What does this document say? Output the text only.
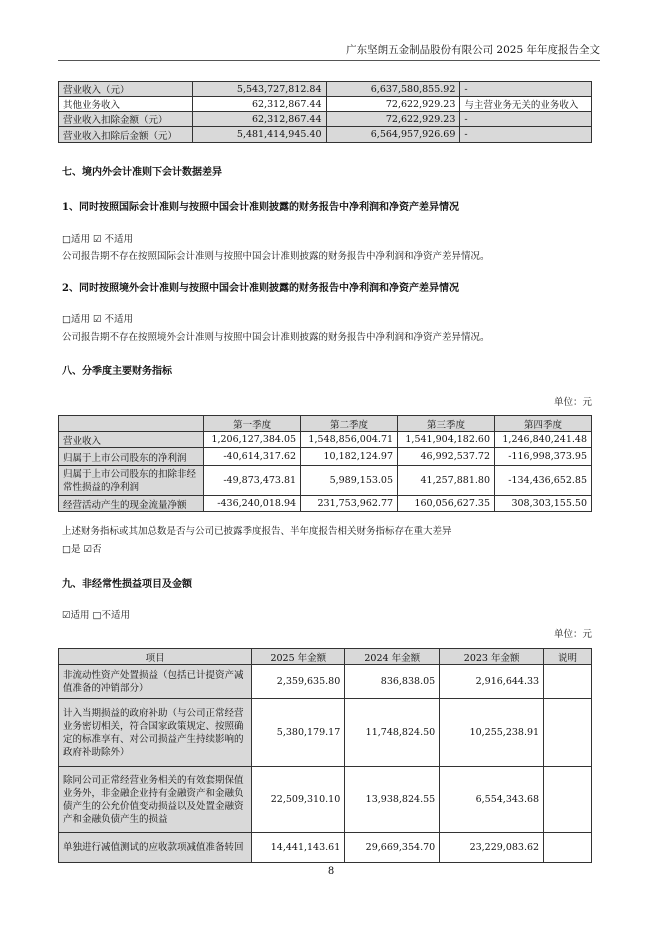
广东坚朗五金制品股份有限公司 2025 年年度报告全文
营业收入（元）	5,543,727,812.84	6,637,580,855.92	-
其他业务收入	62,312,867.44	72,622,929.23	与主营业务无关的业务收入
营业收入扣除金额（元）	62,312,867.44	72,622,929.23	-
营业收入扣除后金额（元）	5,481,414,945.40	6,564,957,926.69	-
七、境内外会计准则下会计数据差异
1、同时按照国际会计准则与按照中国会计准则披露的财务报告中净利润和净资产差异情况
□适用 ☑ 不适用
公司报告期不存在按照国际会计准则与按照中国会计准则披露的财务报告中净利润和净资产差异情况。
2、同时按照境外会计准则与按照中国会计准则披露的财务报告中净利润和净资产差异情况
□适用 ☑ 不适用
公司报告期不存在按照境外会计准则与按照中国会计准则披露的财务报告中净利润和净资产差异情况。
八、分季度主要财务指标
单位：元
	第一季度	第二季度	第三季度	第四季度
营业收入	1,206,127,384.05	1,548,856,004.71	1,541,904,182.60	1,246,840,241.48
归属于上市公司股东的净利润	-40,614,317.62	10,182,124.97	46,992,537.72	-116,998,373.95
归属于上市公司股东的扣除非经常性损益的净利润	-49,873,473.81	5,989,153.05	41,257,881.80	-134,436,652.85
经营活动产生的现金流量净额	-436,240,018.94	231,753,962.77	160,056,627.35	308,303,155.50
上述财务指标或其加总数是否与公司已披露季度报告、半年度报告相关财务指标存在重大差异
□是 ☑否
九、非经常性损益项目及金额
☑适用 □不适用
单位：元
项目	2025 年金额	2024 年金额	2023 年金额	说明
非流动性资产处置损益（包括已计提资产减值准备的冲销部分）	2,359,635.80	836,838.05	2,916,644.33	
计入当期损益的政府补助（与公司正常经营业务密切相关，符合国家政策规定、按照确定的标准享有、对公司损益产生持续影响的政府补助除外）	5,380,179.17	11,748,824.50	10,255,238.91	
除同公司正常经营业务相关的有效套期保值业务外，非金融企业持有金融资产和金融负债产生的公允价值变动损益以及处置金融资产和金融负债产生的损益	22,509,310.10	13,938,824.55	6,554,343.68	
单独进行减值测试的应收款项减值准备转回	14,441,143.61	29,669,354.70	23,229,083.62	
8
